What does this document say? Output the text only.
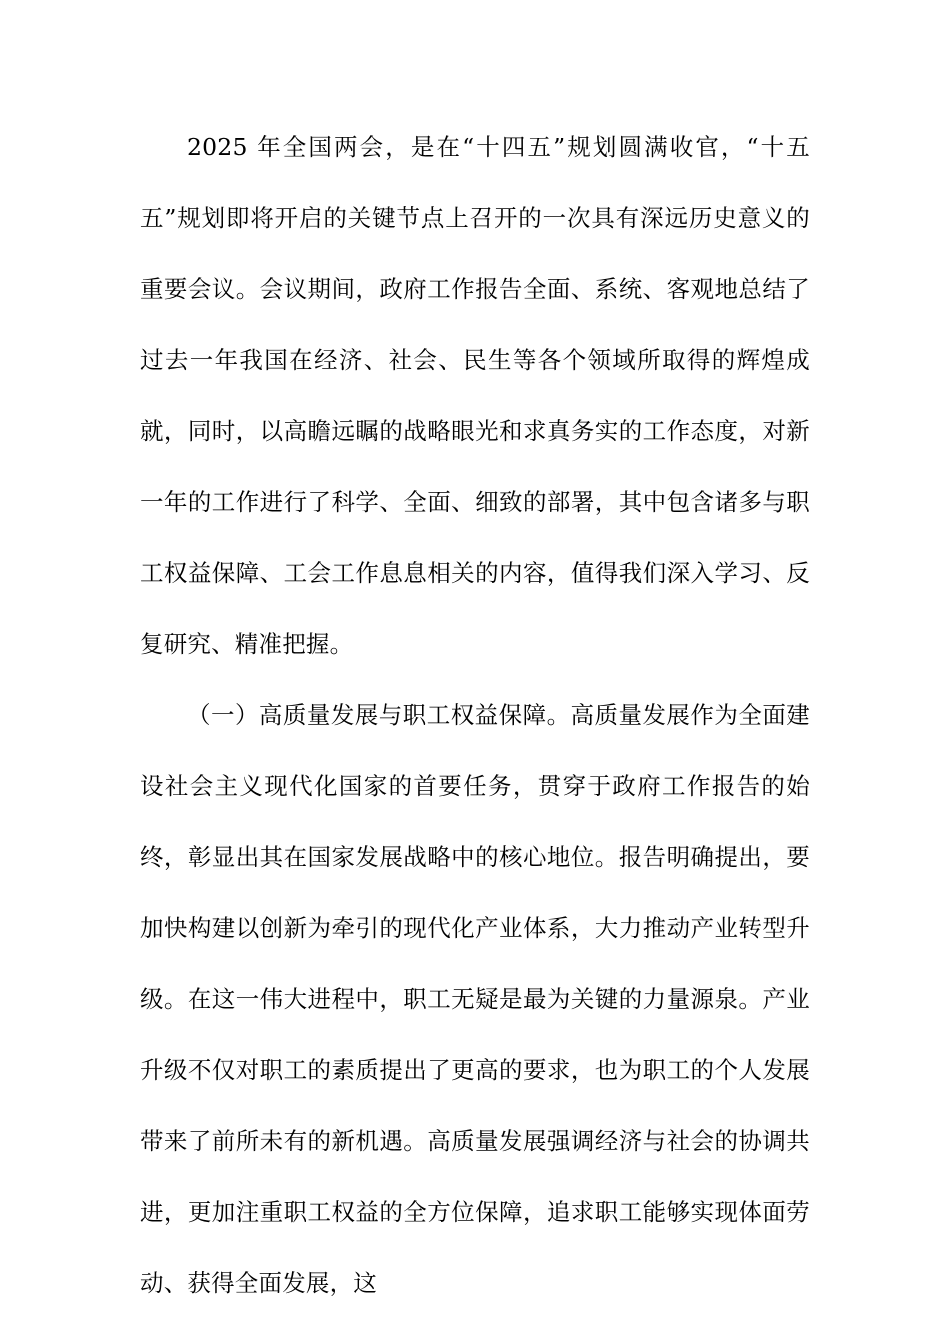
2025 年全国两会，是在“十四五”规划圆满收官，“十五五”规划即将开启的关键节点上召开的一次具有深远历史意义的重要会议。会议期间，政府工作报告全面、系统、客观地总结了过去一年我国在经济、社会、民生等各个领域所取得的辉煌成就，同时，以高瞻远瞩的战略眼光和求真务实的工作态度，对新一年的工作进行了科学、全面、细致的部署，其中包含诸多与职工权益保障、工会工作息息相关的内容，值得我们深入学习、反复研究、精准把握。

（一）高质量发展与职工权益保障。高质量发展作为全面建设社会主义现代化国家的首要任务，贯穿于政府工作报告的始终，彰显出其在国家发展战略中的核心地位。报告明确提出，要加快构建以创新为牵引的现代化产业体系，大力推动产业转型升级。在这一伟大进程中，职工无疑是最为关键的力量源泉。产业升级不仅对职工的素质提出了更高的要求，也为职工的个人发展带来了前所未有的新机遇。高质量发展强调经济与社会的协调共进，更加注重职工权益的全方位保障，追求职工能够实现体面劳动、获得全面发展，这
